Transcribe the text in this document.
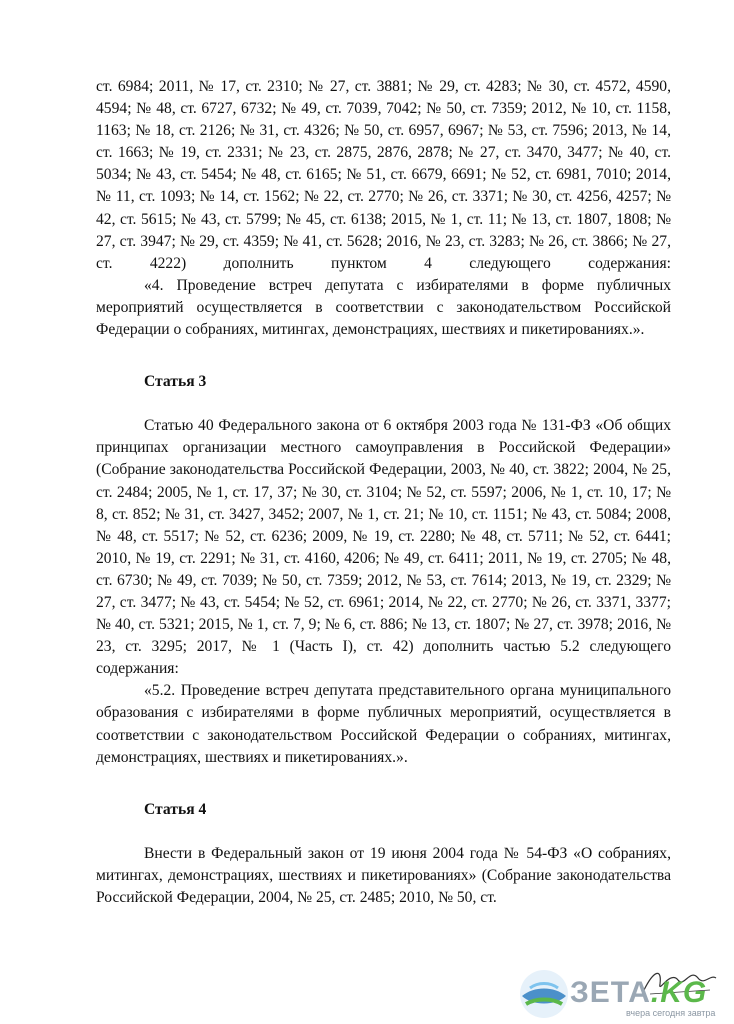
ст. 6984; 2011, № 17, ст. 2310; № 27, ст. 3881; № 29, ст. 4283; № 30, ст. 4572, 4590, 4594; № 48, ст. 6727, 6732; № 49, ст. 7039, 7042; № 50, ст. 7359; 2012, № 10, ст. 1158, 1163; № 18, ст. 2126; № 31, ст. 4326; № 50, ст. 6957, 6967; № 53, ст. 7596; 2013, № 14, ст. 1663; № 19, ст. 2331; № 23, ст. 2875, 2876, 2878; № 27, ст. 3470, 3477; № 40, ст. 5034; № 43, ст. 5454; № 48, ст. 6165; № 51, ст. 6679, 6691; № 52, ст. 6981, 7010; 2014, № 11, ст. 1093; № 14, ст. 1562; № 22, ст. 2770; № 26, ст. 3371; № 30, ст. 4256, 4257; № 42, ст. 5615; № 43, ст. 5799; № 45, ст. 6138; 2015, № 1, ст. 11; № 13, ст. 1807, 1808; № 27, ст. 3947; № 29, ст. 4359; № 41, ст. 5628; 2016, № 23, ст. 3283; № 26, ст. 3866; № 27, ст. 4222) дополнить пунктом 4 следующего содержания:

«4. Проведение встреч депутата с избирателями в форме публичных мероприятий осуществляется в соответствии с законодательством Российской Федерации о собраниях, митингах, демонстрациях, шествиях и пикетированиях.».

Статья 3

Статью 40 Федерального закона от 6 октября 2003 года № 131-ФЗ «Об общих принципах организации местного самоуправления в Российской Федерации» (Собрание законодательства Российской Федерации, 2003, № 40, ст. 3822; 2004, № 25, ст. 2484; 2005, № 1, ст. 17, 37; № 30, ст. 3104; № 52, ст. 5597; 2006, № 1, ст. 10, 17; № 8, ст. 852; № 31, ст. 3427, 3452; 2007, № 1, ст. 21; № 10, ст. 1151; № 43, ст. 5084; 2008, № 48, ст. 5517; № 52, ст. 6236; 2009, № 19, ст. 2280; № 48, ст. 5711; № 52, ст. 6441; 2010, № 19, ст. 2291; № 31, ст. 4160, 4206; № 49, ст. 6411; 2011, № 19, ст. 2705; № 48, ст. 6730; № 49, ст. 7039; № 50, ст. 7359; 2012, № 53, ст. 7614; 2013, № 19, ст. 2329; № 27, ст. 3477; № 43, ст. 5454; № 52, ст. 6961; 2014, № 22, ст. 2770; № 26, ст. 3371, 3377; № 40, ст. 5321; 2015, № 1, ст. 7, 9; № 6, ст. 886; № 13, ст. 1807; № 27, ст. 3978; 2016, № 23, ст. 3295; 2017, № 1 (Часть I), ст. 42) дополнить частью 5.2 следующего содержания:

«5.2. Проведение встреч депутата представительного органа муниципального образования с избирателями в форме публичных мероприятий, осуществляется в соответствии с законодательством Российской Федерации о собраниях, митингах, демонстрациях, шествиях и пикетированиях.».

Статья 4

Внести в Федеральный закон от 19 июня 2004 года № 54-ФЗ «О собраниях, митингах, демонстрациях, шествиях и пикетированиях» (Собрание законодательства Российской Федерации, 2004, № 25, ст. 2485; 2010, № 50, ст.

ЗЕТА.KG
вчера сегодня завтра
